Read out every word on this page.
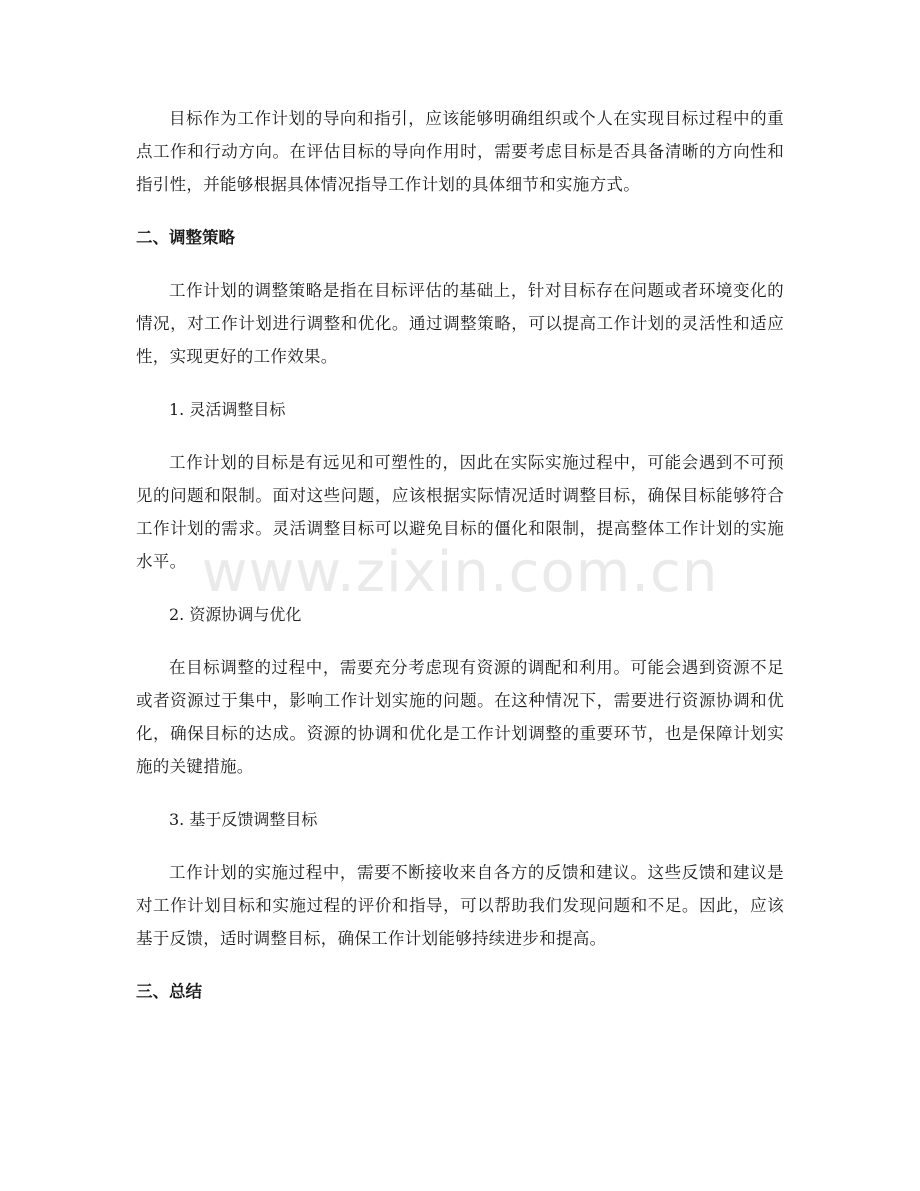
目标作为工作计划的导向和指引，应该能够明确组织或个人在实现目标过程中的重点工作和行动方向。在评估目标的导向作用时，需要考虑目标是否具备清晰的方向性和指引性，并能够根据具体情况指导工作计划的具体细节和实施方式。

二、调整策略

工作计划的调整策略是指在目标评估的基础上，针对目标存在问题或者环境变化的情况，对工作计划进行调整和优化。通过调整策略，可以提高工作计划的灵活性和适应性，实现更好的工作效果。

1. 灵活调整目标

工作计划的目标是有远见和可塑性的，因此在实际实施过程中，可能会遇到不可预见的问题和限制。面对这些问题，应该根据实际情况适时调整目标，确保目标能够符合工作计划的需求。灵活调整目标可以避免目标的僵化和限制，提高整体工作计划的实施水平。

2. 资源协调与优化

在目标调整的过程中，需要充分考虑现有资源的调配和利用。可能会遇到资源不足或者资源过于集中，影响工作计划实施的问题。在这种情况下，需要进行资源协调和优化，确保目标的达成。资源的协调和优化是工作计划调整的重要环节，也是保障计划实施的关键措施。

3. 基于反馈调整目标

工作计划的实施过程中，需要不断接收来自各方的反馈和建议。这些反馈和建议是对工作计划目标和实施过程的评价和指导，可以帮助我们发现问题和不足。因此，应该基于反馈，适时调整目标，确保工作计划能够持续进步和提高。

三、总结
www.zixin.com.cn
